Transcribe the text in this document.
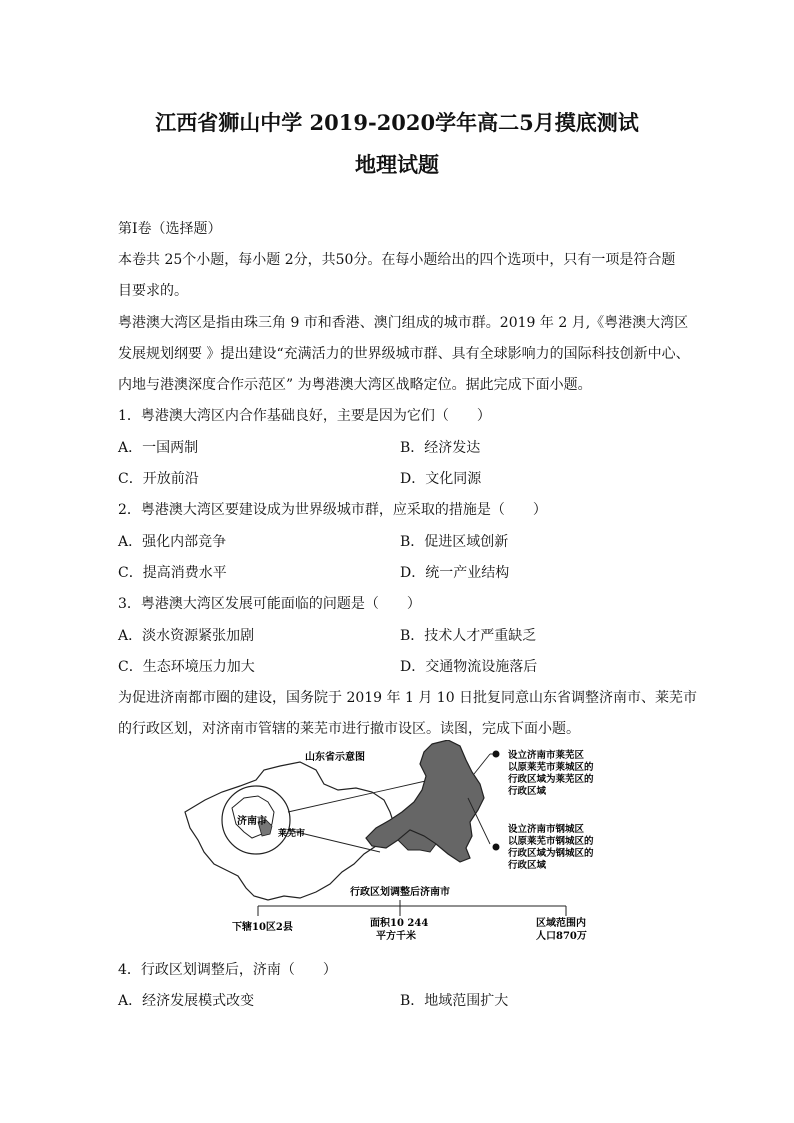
江西省狮山中学 2019-2020学年高二5月摸底测试
地理试题
第Ⅰ卷（选择题）
本卷共 25个小题，每小题 2分，共50分。在每小题给出的四个选项中，只有一项是符合题
目要求的。
粤港澳大湾区是指由珠三角 9 市和香港、澳门组成的城市群。2019 年 2 月,《粤港澳大湾区
发展规划纲要 》提出建设“充满活力的世界级城市群、具有全球影响力的国际科技创新中心、
内地与港澳深度合作示范区” 为粤港澳大湾区战略定位。据此完成下面小题。
1．粤港澳大湾区内合作基础良好，主要是因为它们（　　）
A．一国两制	B．经济发达
C．开放前沿	D．文化同源
2．粤港澳大湾区要建设成为世界级城市群，应采取的措施是（　　）
A．强化内部竞争	B．促进区域创新
C．提高消费水平	D．统一产业结构
3．粤港澳大湾区发展可能面临的问题是（　　）
A．淡水资源紧张加剧	B．技术人才严重缺乏
C．生态环境压力加大	D．交通物流设施落后
为促进济南都市圈的建设，国务院于 2019 年 1 月 10 日批复同意山东省调整济南市、莱芜市
的行政区划，对济南市管辖的莱芜市进行撤市设区。读图，完成下面小题。
山东省示意图
济南市
莱芜市
设立济南市莱芜区
以原莱芜市莱城区的
行政区域为莱芜区的
行政区域
设立济南市钢城区
以原莱芜市钢城区的
行政区域为钢城区的
行政区域
行政区划调整后济南市
下辖10区2县	面积10 244
平方千米
区域范围内
人口870万
4．行政区划调整后，济南（　　）
A．经济发展模式改变	B．地域范围扩大
